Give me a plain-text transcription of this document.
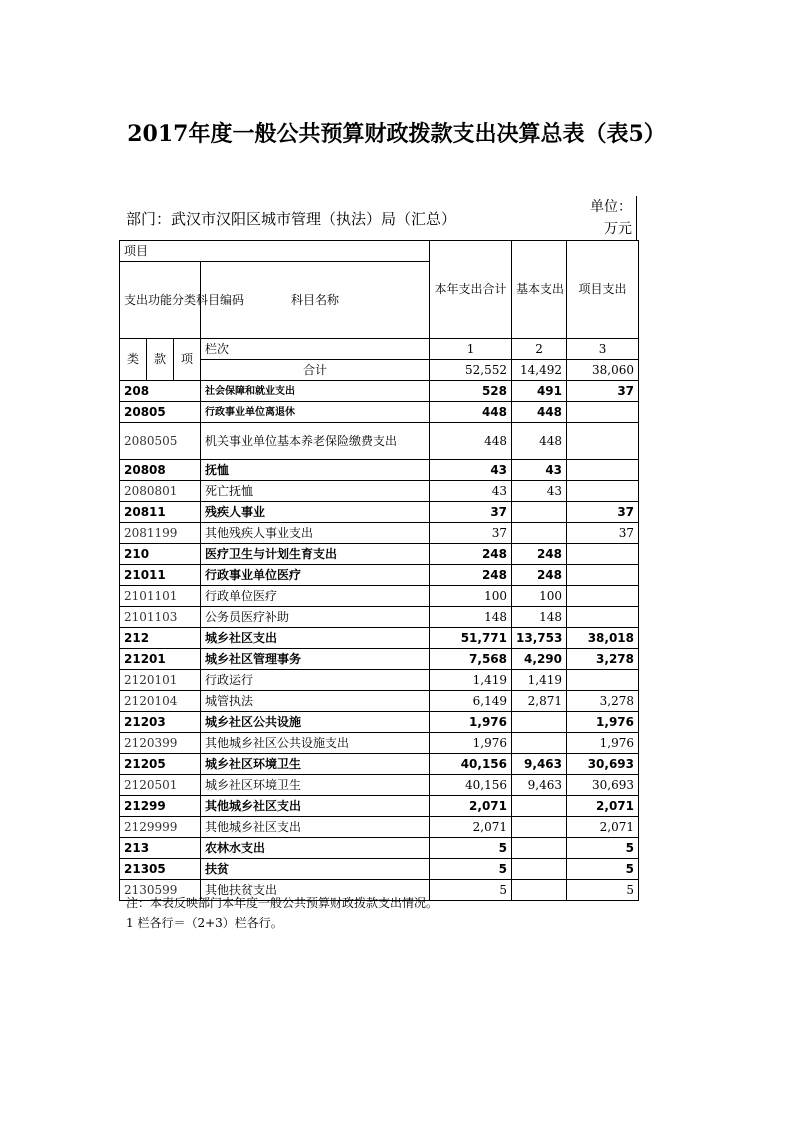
2017年度一般公共预算财政拨款支出决算总表（表5）
部门：武汉市汉阳区城市管理（执法）局（汇总）
单位：万元
项目				本年支出合计	基本支出	项目支出
支出功能分类科目编码			科目名称			

类	款	项	栏次	1	2	3
			合计	52,552	14,492	38,060
208			社会保障和就业支出	528	491	37
20805			行政事业单位离退休	448	448	
2080505			机关事业单位基本养老保险缴费支出	448	448	
20808			抚恤	43	43	
2080801			死亡抚恤	43	43	
20811			残疾人事业	37		37
2081199			其他残疾人事业支出	37		37
210			医疗卫生与计划生育支出	248	248	
21011			行政事业单位医疗	248	248	
2101101			行政单位医疗	100	100	
2101103			公务员医疗补助	148	148	
212			城乡社区支出	51,771	13,753	38,018
21201			城乡社区管理事务	7,568	4,290	3,278
2120101			行政运行	1,419	1,419	
2120104			城管执法	6,149	2,871	3,278
21203			城乡社区公共设施	1,976		1,976
2120399			其他城乡社区公共设施支出	1,976		1,976
21205			城乡社区环境卫生	40,156	9,463	30,693
2120501			城乡社区环境卫生	40,156	9,463	30,693
21299			其他城乡社区支出	2,071		2,071
2129999			其他城乡社区支出	2,071		2,071
213			农林水支出	5		5
21305			扶贫	5		5
2130599			其他扶贫支出	5		5
注：本表反映部门本年度一般公共预算财政拨款支出情况。
1 栏各行＝（2+3）栏各行。
